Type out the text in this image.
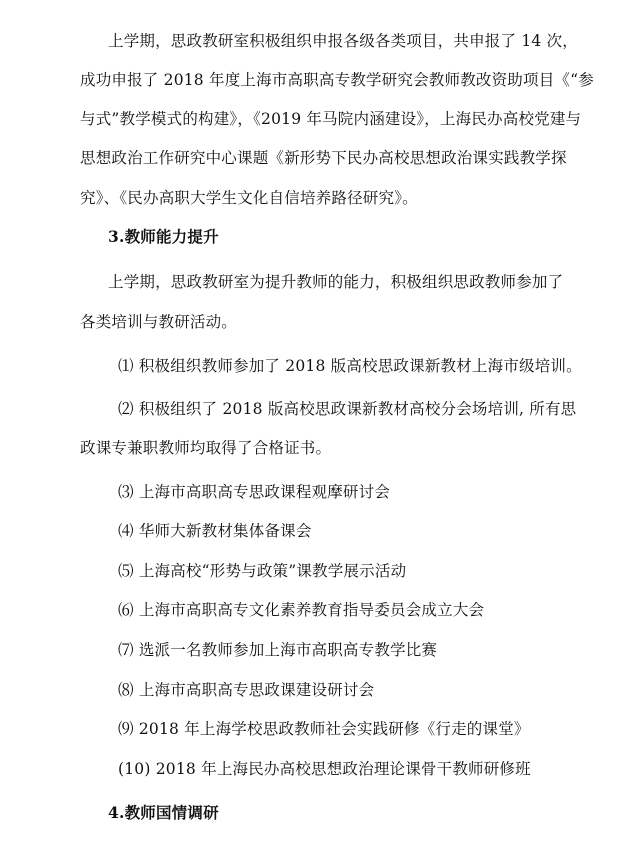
上学期，思政教研室积极组织申报各级各类项目，共申报了 14 次，
成功申报了 2018 年度上海市高职高专教学研究会教师教改资助项目《“参
与式”教学模式的构建》，《2019 年马院内涵建设》，上海民办高校党建与
思想政治工作研究中心课题《新形势下民办高校思想政治课实践教学探
究》、《民办高职大学生文化自信培养路径研究》。
3.教师能力提升
上学期，思政教研室为提升教师的能力，积极组织思政教师参加了
各类培训与教研活动。
⑴ 积极组织教师参加了 2018 版高校思政课新教材上海市级培训。
⑵ 积极组织了 2018 版高校思政课新教材高校分会场培训, 所有思
政课专兼职教师均取得了合格证书。
⑶ 上海市高职高专思政课程观摩研讨会
⑷ 华师大新教材集体备课会
⑸ 上海高校“形势与政策”课教学展示活动
⑹ 上海市高职高专文化素养教育指导委员会成立大会
⑺ 选派一名教师参加上海市高职高专教学比赛
⑻ 上海市高职高专思政课建设研讨会
⑼ 2018 年上海学校思政教师社会实践研修《行走的课堂》
(10) 2018 年上海民办高校思想政治理论课骨干教师研修班
4.教师国情调研
